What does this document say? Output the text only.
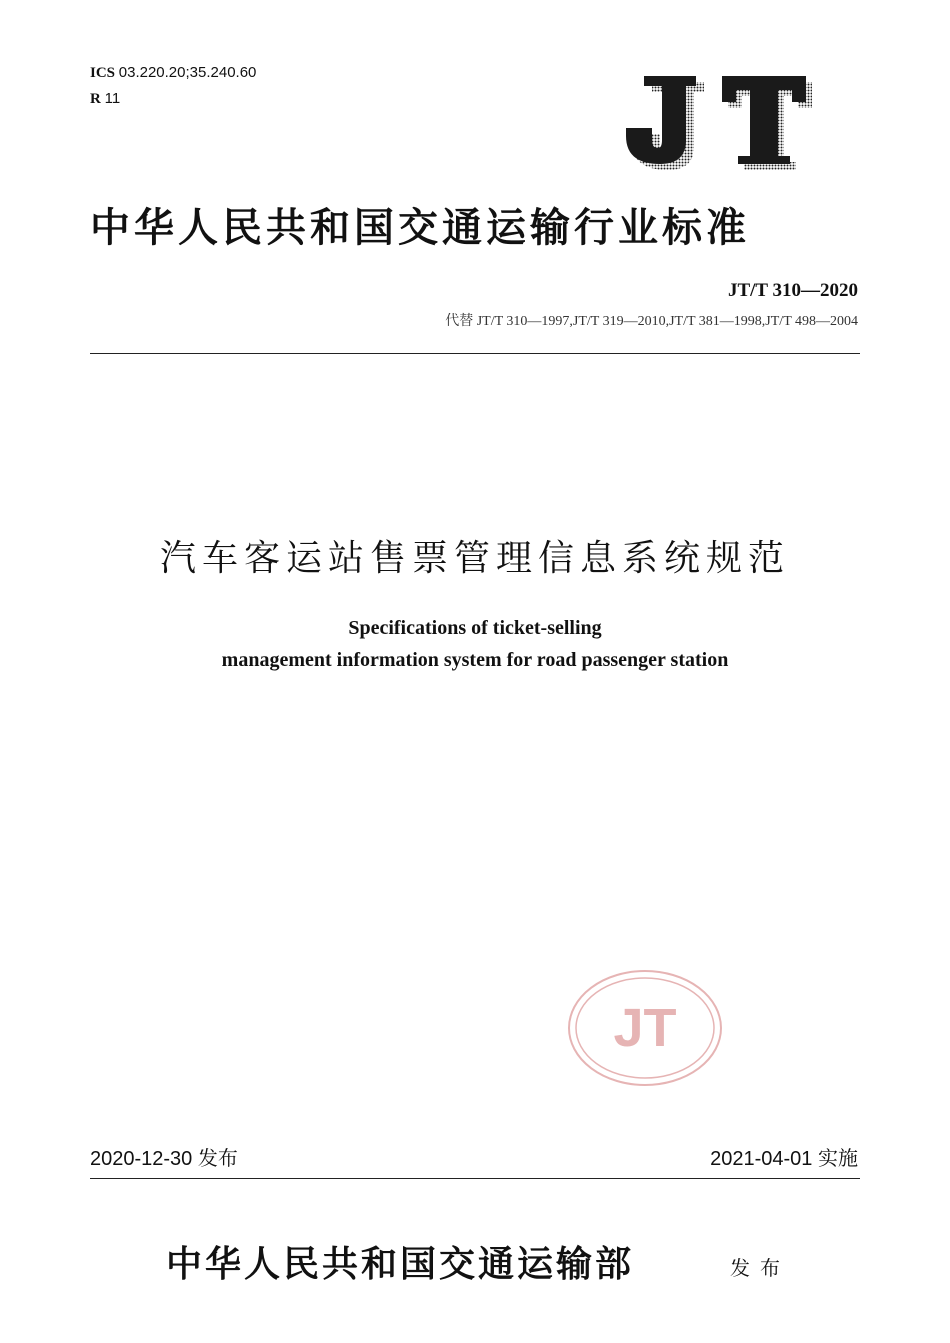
ICS 03.220.20;35.240.60
R 11
JT
中华人民共和国交通运输行业标准
JT/T 310—2020
代替 JT/T 310—1997,JT/T 319—2010,JT/T 381—1998,JT/T 498—2004
汽车客运站售票管理信息系统规范
Specifications of ticket-selling
management information system for road passenger station
JT
2020-12-30 发布	2021-04-01 实施
中华人民共和国交通运输部	发布
